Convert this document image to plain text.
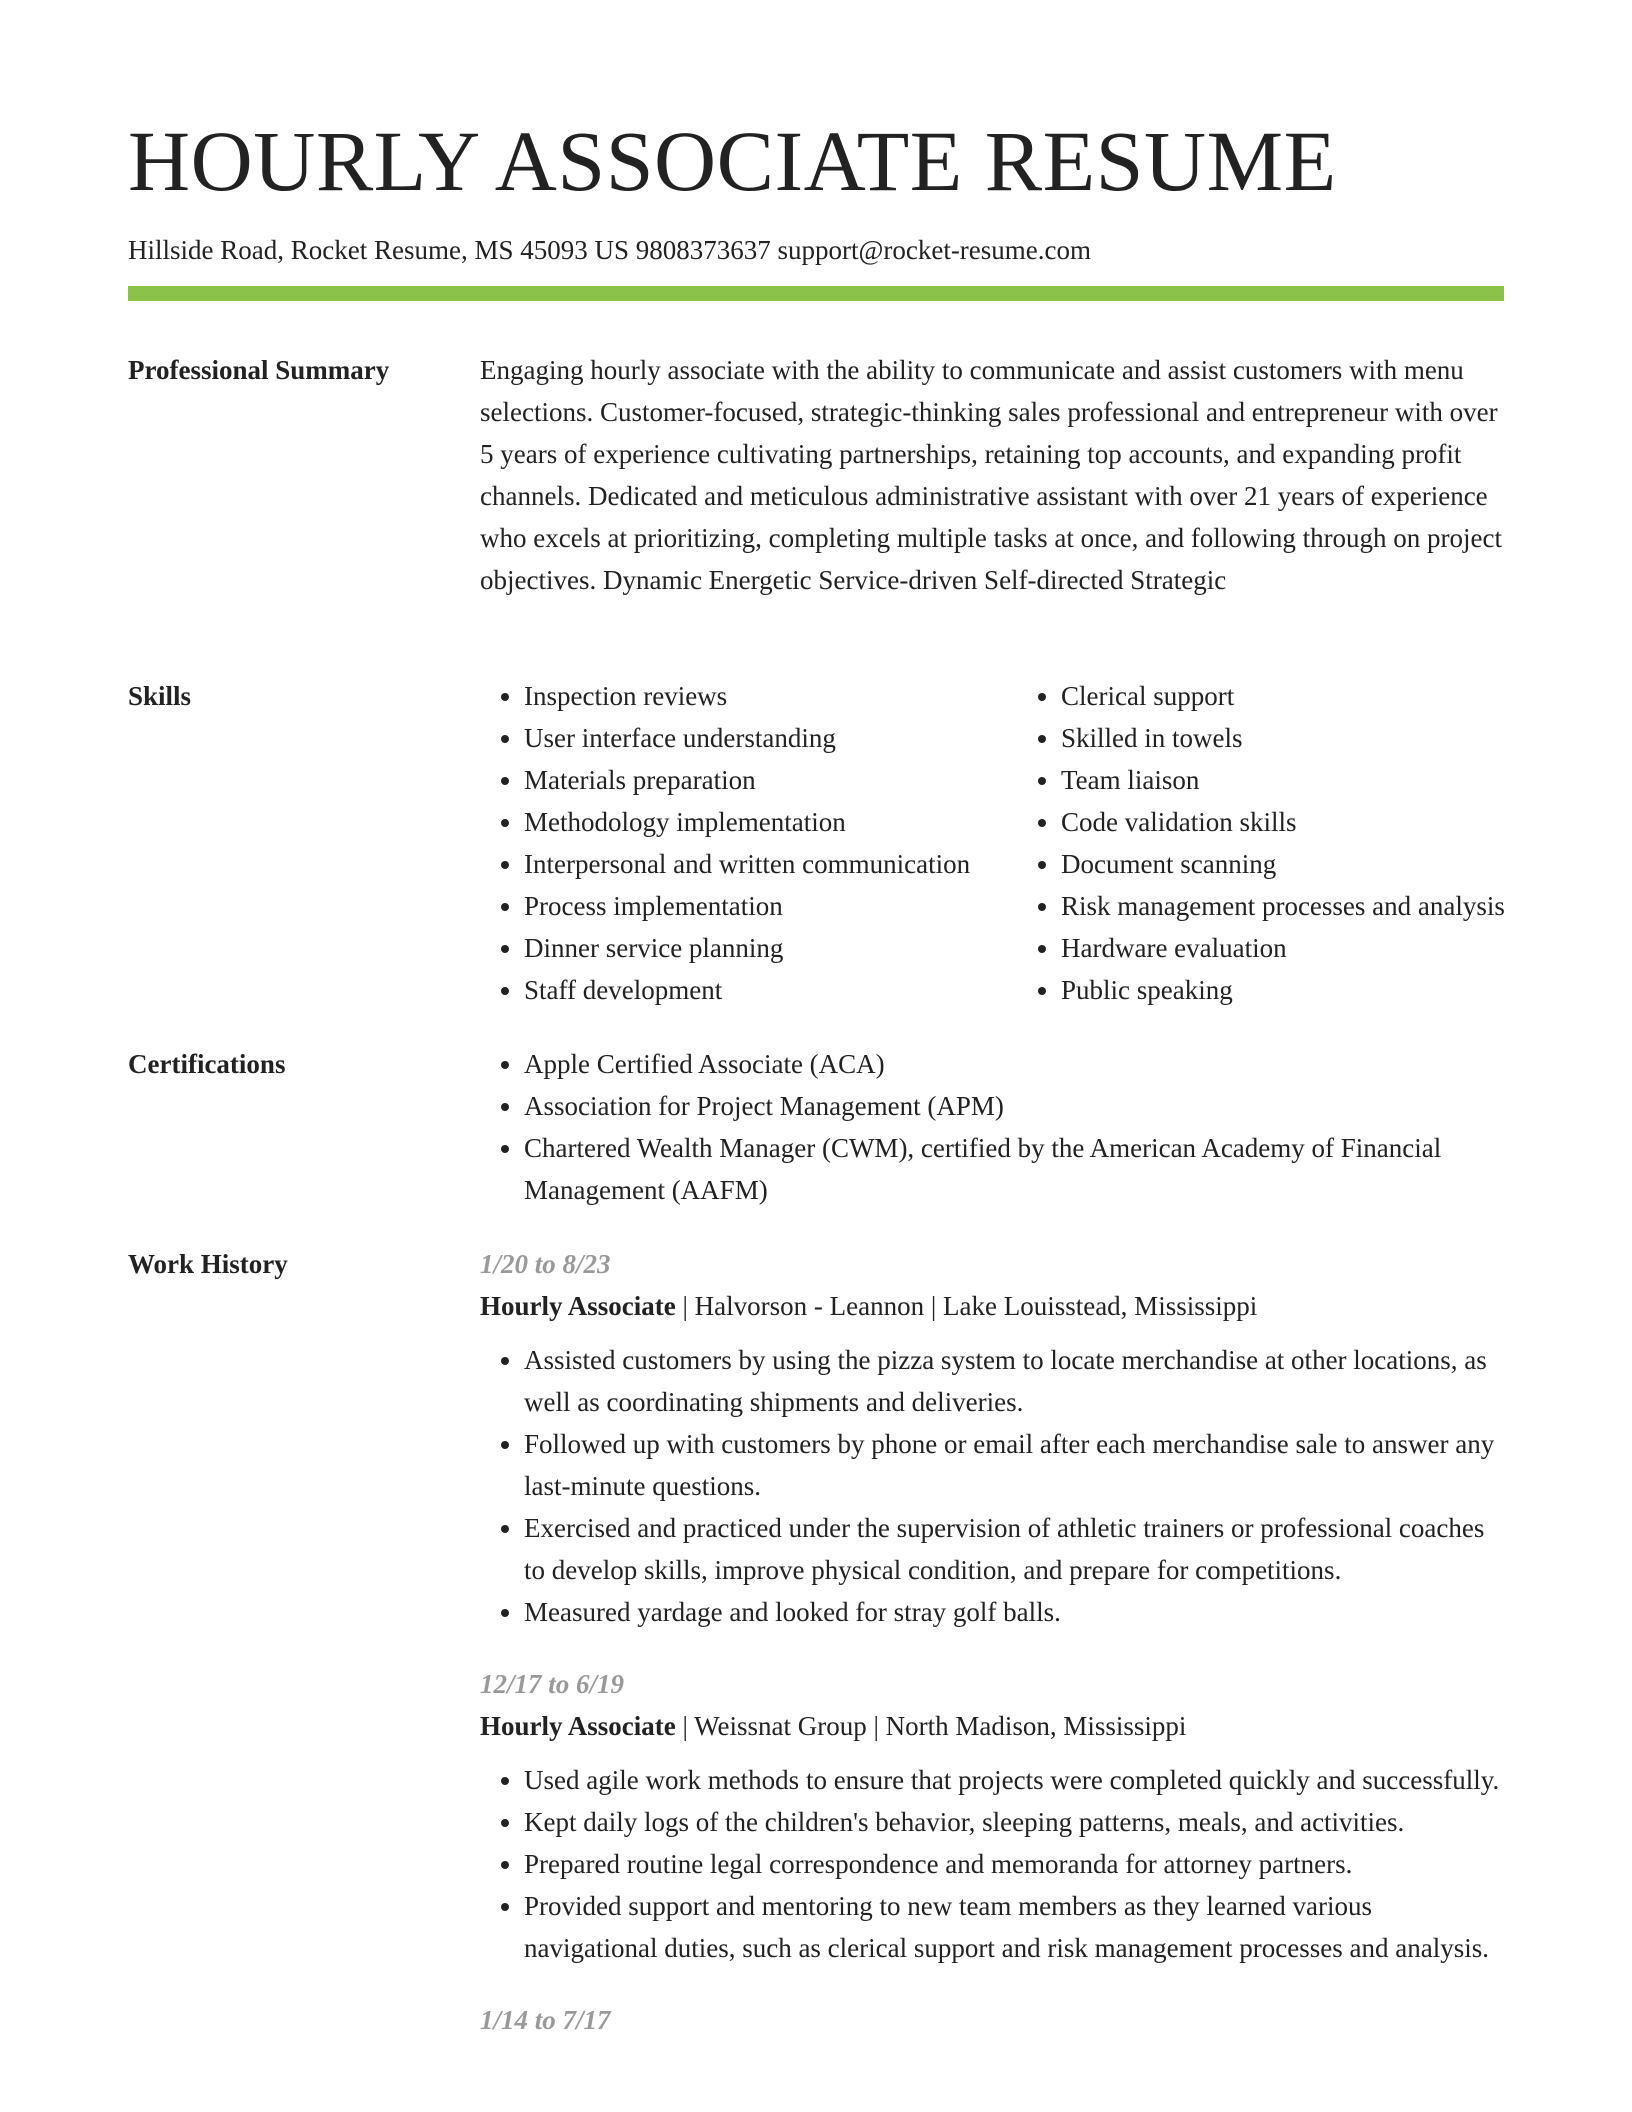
HOURLY ASSOCIATE RESUME
Hillside Road, Rocket Resume, MS 45093 US 9808373637 support@rocket-resume.com
Professional Summary	Engaging hourly associate with the ability to communicate and assist customers with menu selections. Customer-focused, strategic-thinking sales professional and entrepreneur with over 5 years of experience cultivating partnerships, retaining top accounts, and expanding profit channels. Dedicated and meticulous administrative assistant with over 21 years of experience who excels at prioritizing, completing multiple tasks at once, and following through on project objectives. Dynamic Energetic Service-driven Self-directed Strategic

Skills	• Inspection reviews
• User interface understanding
• Materials preparation
• Methodology implementation
• Interpersonal and written communication
• Process implementation
• Dinner service planning
• Staff development
• Clerical support
• Skilled in towels
• Team liaison
• Code validation skills
• Document scanning
• Risk management processes and analysis
• Hardware evaluation
• Public speaking
Certifications	• Apple Certified Associate (ACA)
• Association for Project Management (APM)
• Chartered Wealth Manager (CWM), certified by the American Academy of Financial Management (AAFM)
Work History	1/20 to 8/23
Hourly Associate | Halvorson - Leannon | Lake Louisstead, Mississippi
• Assisted customers by using the pizza system to locate merchandise at other locations, as well as coordinating shipments and deliveries.
• Followed up with customers by phone or email after each merchandise sale to answer any last-minute questions.
• Exercised and practiced under the supervision of athletic trainers or professional coaches to develop skills, improve physical condition, and prepare for competitions.
• Measured yardage and looked for stray golf balls.
12/17 to 6/19
Hourly Associate | Weissnat Group | North Madison, Mississippi
• Used agile work methods to ensure that projects were completed quickly and successfully.
• Kept daily logs of the children's behavior, sleeping patterns, meals, and activities.
• Prepared routine legal correspondence and memoranda for attorney partners.
• Provided support and mentoring to new team members as they learned various navigational duties, such as clerical support and risk management processes and analysis.
1/14 to 7/17
